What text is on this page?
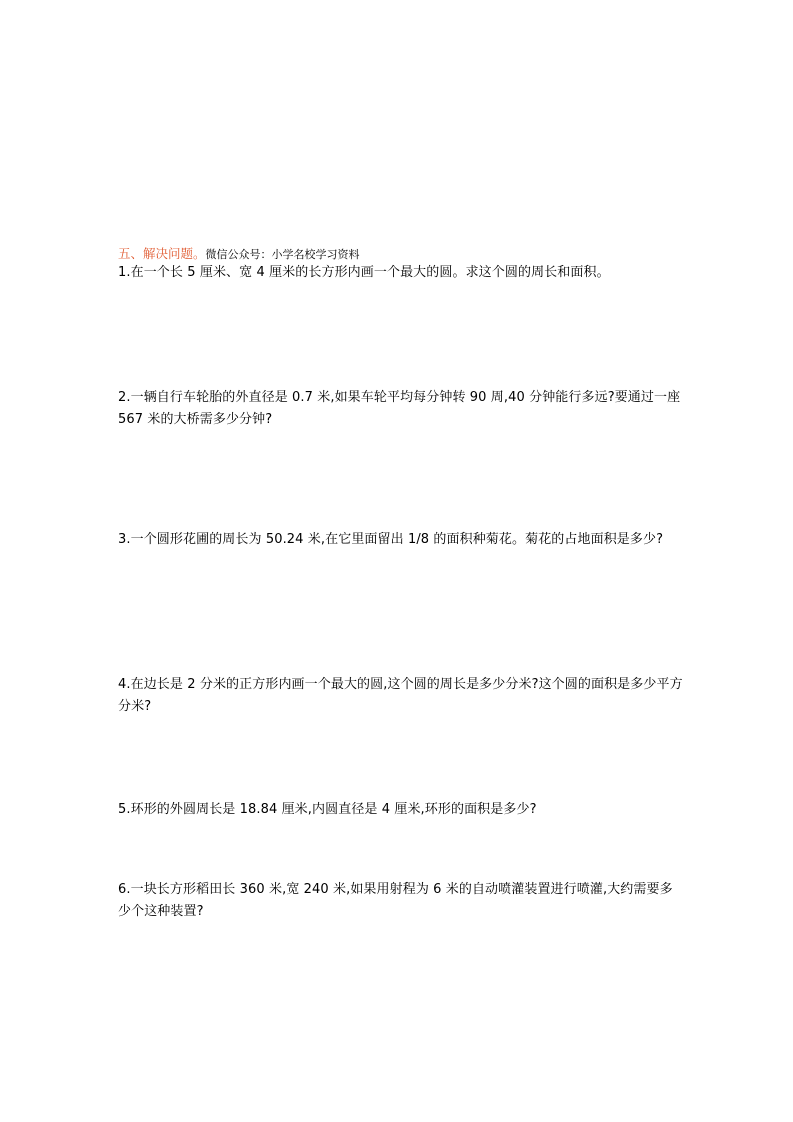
五、解决问题。微信公众号：小学名校学习资料
1.在一个长 5 厘米、宽 4 厘米的长方形内画一个最大的圆。求这个圆的周长和面积。
2.一辆自行车轮胎的外直径是 0.7 米,如果车轮平均每分钟转 90 周,40 分钟能行多远?要通过一座 567 米的大桥需多少分钟?
3.一个圆形花圃的周长为 50.24 米,在它里面留出 1/8 的面积种菊花。菊花的占地面积是多少?
4.在边长是 2 分米的正方形内画一个最大的圆,这个圆的周长是多少分米?这个圆的面积是多少平方分米?
5.环形的外圆周长是 18.84 厘米,内圆直径是 4 厘米,环形的面积是多少?
6.一块长方形稻田长 360 米,宽 240 米,如果用射程为 6 米的自动喷灌装置进行喷灌,大约需要多少个这种装置?
